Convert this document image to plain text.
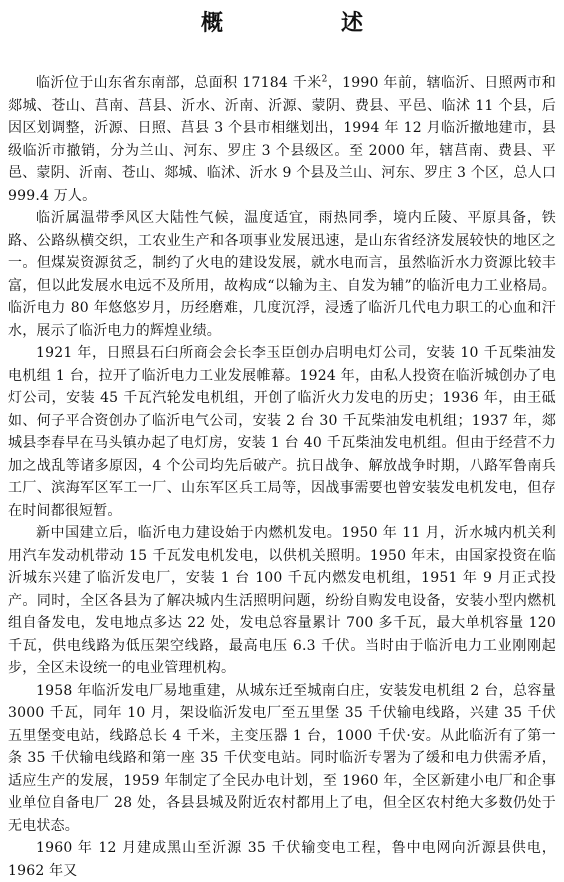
概　述

临沂位于山东省东南部，总面积 17184 千米$^2$，1990 年前，辖临沂、日照两市和郯城、苍山、莒南、莒县、沂水、沂南、沂源、蒙阴、费县、平邑、临沭 11 个县，后因区划调整，沂源、日照、莒县 3 个县市相继划出，1994 年 12 月临沂撤地建市，县级临沂市撤销，分为兰山、河东、罗庄 3 个县级区。至 2000 年，辖莒南、费县、平邑、蒙阴、沂南、苍山、郯城、临沭、沂水 9 个县及兰山、河东、罗庄 3 个区，总人口 999.4 万人。

临沂属温带季风区大陆性气候，温度适宜，雨热同季，境内丘陵、平原具备，铁路、公路纵横交织，工农业生产和各项事业发展迅速，是山东省经济发展较快的地区之一。但煤炭资源贫乏，制约了火电的建设发展，就水电而言，虽然临沂水力资源比较丰富，但以此发展水电远不及所用，故构成“以输为主、自发为辅”的临沂电力工业格局。临沂电力 80 年悠悠岁月，历经磨难，几度沉浮，浸透了临沂几代电力职工的心血和汗水，展示了临沂电力的辉煌业绩。

1921 年，日照县石臼所商会会长李玉臣创办启明电灯公司，安装 10 千瓦柴油发电机组 1 台，拉开了临沂电力工业发展帷幕。1924 年，由私人投资在临沂城创办了电灯公司，安装 45 千瓦汽轮发电机组，开创了临沂火力发电的历史；1936 年，由王砥如、何子平合资创办了临沂电气公司，安装 2 台 30 千瓦柴油发电机组；1937 年，郯城县李春早在马头镇办起了电灯房，安装 1 台 40 千瓦柴油发电机组。但由于经营不力加之战乱等诸多原因，4 个公司均先后破产。抗日战争、解放战争时期，八路军鲁南兵工厂、滨海军区军工一厂、山东军区兵工局等，因战事需要也曾安装发电机发电，但存在时间都很短暂。

新中国建立后，临沂电力建设始于内燃机发电。1950 年 11 月，沂水城内机关利用汽车发动机带动 15 千瓦发电机发电，以供机关照明。1950 年末，由国家投资在临沂城东兴建了临沂发电厂，安装 1 台 100 千瓦内燃发电机组，1951 年 9 月正式投产。同时，全区各县为了解决城内生活照明问题，纷纷自购发电设备，安装小型内燃机组自备发电，发电地点多达 22 处，发电总容量累计 700 多千瓦，最大单机容量 120 千瓦，供电线路为低压架空线路，最高电压 6.3 千伏。当时由于临沂电力工业刚刚起步，全区未设统一的电业管理机构。

1958 年临沂发电厂易地重建，从城东迁至城南白庄，安装发电机组 2 台，总容量 3000 千瓦，同年 10 月，架设临沂发电厂至五里堡 35 千伏输电线路，兴建 35 千伏五里堡变电站，线路总长 4 千米，主变压器 1 台，1000 千伏·安。从此临沂有了第一条 35 千伏输电线路和第一座 35 千伏变电站。同时临沂专署为了缓和电力供需矛盾，适应生产的发展，1959 年制定了全民办电计划，至 1960 年，全区新建小电厂和企事业单位自备电厂 28 处，各县县城及附近农村都用上了电，但全区农村绝大多数仍处于无电状态。

1960 年 12 月建成黑山至沂源 35 千伏输变电工程，鲁中电网向沂源县供电，1962 年又
